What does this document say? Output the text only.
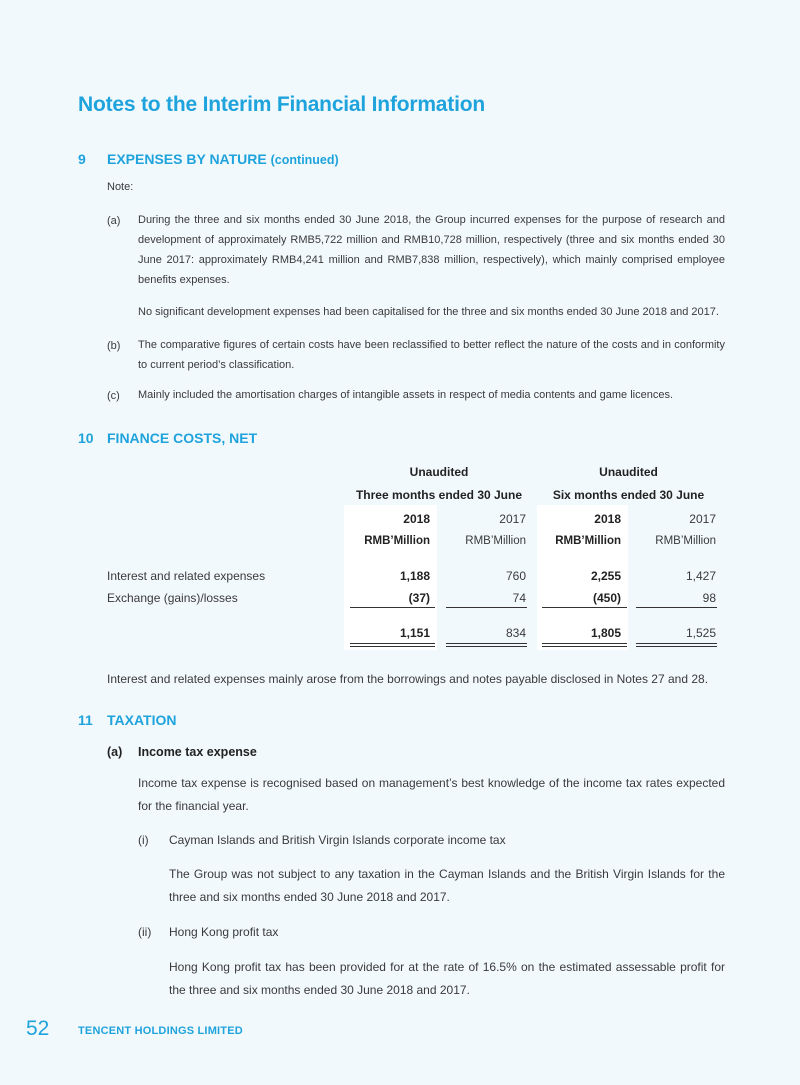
Notes to the Interim Financial Information
9 EXPENSES BY NATURE (continued)
Note:
(a) During the three and six months ended 30 June 2018, the Group incurred expenses for the purpose of research and development of approximately RMB5,722 million and RMB10,728 million, respectively (three and six months ended 30 June 2017: approximately RMB4,241 million and RMB7,838 million, respectively), which mainly comprised employee benefits expenses.
No significant development expenses had been capitalised for the three and six months ended 30 June 2018 and 2017.
(b) The comparative figures of certain costs have been reclassified to better reflect the nature of the costs and in conformity to current period’s classification.
(c) Mainly included the amortisation charges of intangible assets in respect of media contents and game licences.
10 FINANCE COSTS, NET
Unaudited
Three months ended 30 June
Unaudited
Six months ended 30 June
2018	2017	2018	2017
RMB’Million	RMB’Million	RMB’Million	RMB’Million
Interest and related expenses	1,188	760	2,255	1,427
Exchange (gains)/losses	(37)	74	(450)	98
1,151	834	1,805	1,525
Interest and related expenses mainly arose from the borrowings and notes payable disclosed in Notes 27 and 28.
11 TAXATION
(a) Income tax expense
Income tax expense is recognised based on management’s best knowledge of the income tax rates expected for the financial year.
(i) Cayman Islands and British Virgin Islands corporate income tax
The Group was not subject to any taxation in the Cayman Islands and the British Virgin Islands for the three and six months ended 30 June 2018 and 2017.
(ii) Hong Kong profit tax
Hong Kong profit tax has been provided for at the rate of 16.5% on the estimated assessable profit for the three and six months ended 30 June 2018 and 2017.
52	TENCENT HOLDINGS LIMITED
